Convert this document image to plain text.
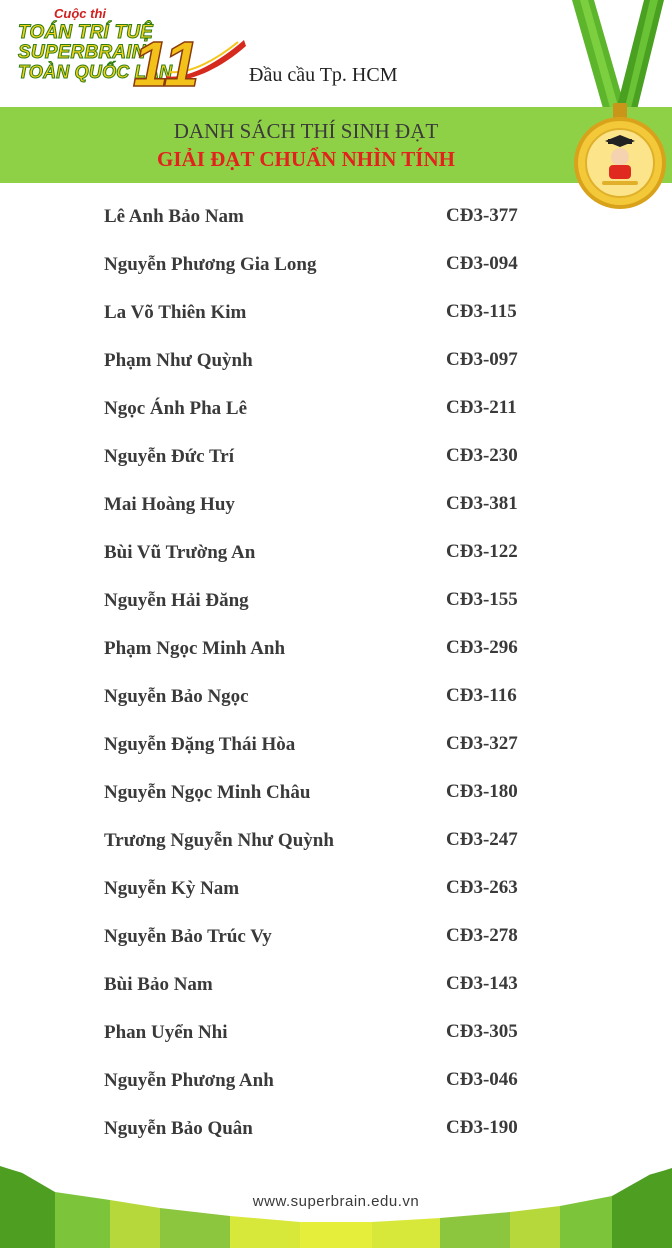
Cuộc thi
TOÁN TRÍ TUỆ
SUPERBRAIN
TOÀN QUỐC LẦN
11 Đầu cầu Tp. HCM
DANH SÁCH THÍ SINH ĐẠT
GIẢI ĐẠT CHUẨN NHÌN TÍNH
Lê Anh Bảo Nam	CĐ3-377
Nguyễn Phương Gia Long	CĐ3-094
La Võ Thiên Kim	CĐ3-115
Phạm Như Quỳnh	CĐ3-097
Ngọc Ánh Pha Lê	CĐ3-211
Nguyễn Đức Trí	CĐ3-230
Mai Hoàng Huy	CĐ3-381
Bùi Vũ Trường An	CĐ3-122
Nguyễn Hải Đăng	CĐ3-155
Phạm Ngọc Minh Anh	CĐ3-296
Nguyễn Bảo Ngọc	CĐ3-116
Nguyễn Đặng Thái Hòa	CĐ3-327
Nguyễn Ngọc Minh Châu	CĐ3-180
Trương Nguyễn Như Quỳnh	CĐ3-247
Nguyễn Kỳ Nam	CĐ3-263
Nguyễn Bảo Trúc Vy	CĐ3-278
Bùi Bảo Nam	CĐ3-143
Phan Uyển Nhi	CĐ3-305
Nguyễn Phương Anh	CĐ3-046
Nguyễn Bảo Quân	CĐ3-190
www.superbrain.edu.vn
